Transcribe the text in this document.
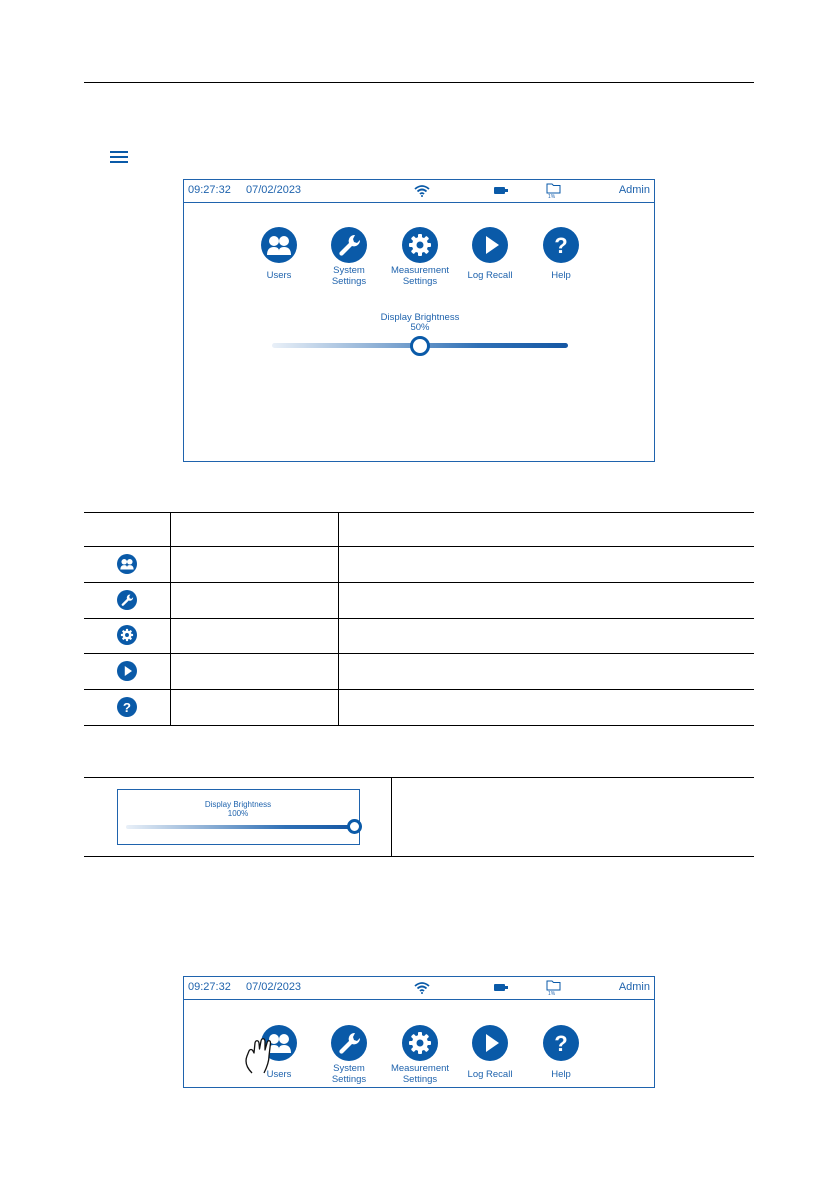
09:27:32 07/02/2023
1%
Admin
?
Users	System
Settings
Measurement
Settings
Log Recall	Help
Display Brightness
50%
?
Display Brightness
100%
09:27:32 07/02/2023
1%
Admin
?
Users
System
Settings
Measurement
Settings	Log Recall	Help
